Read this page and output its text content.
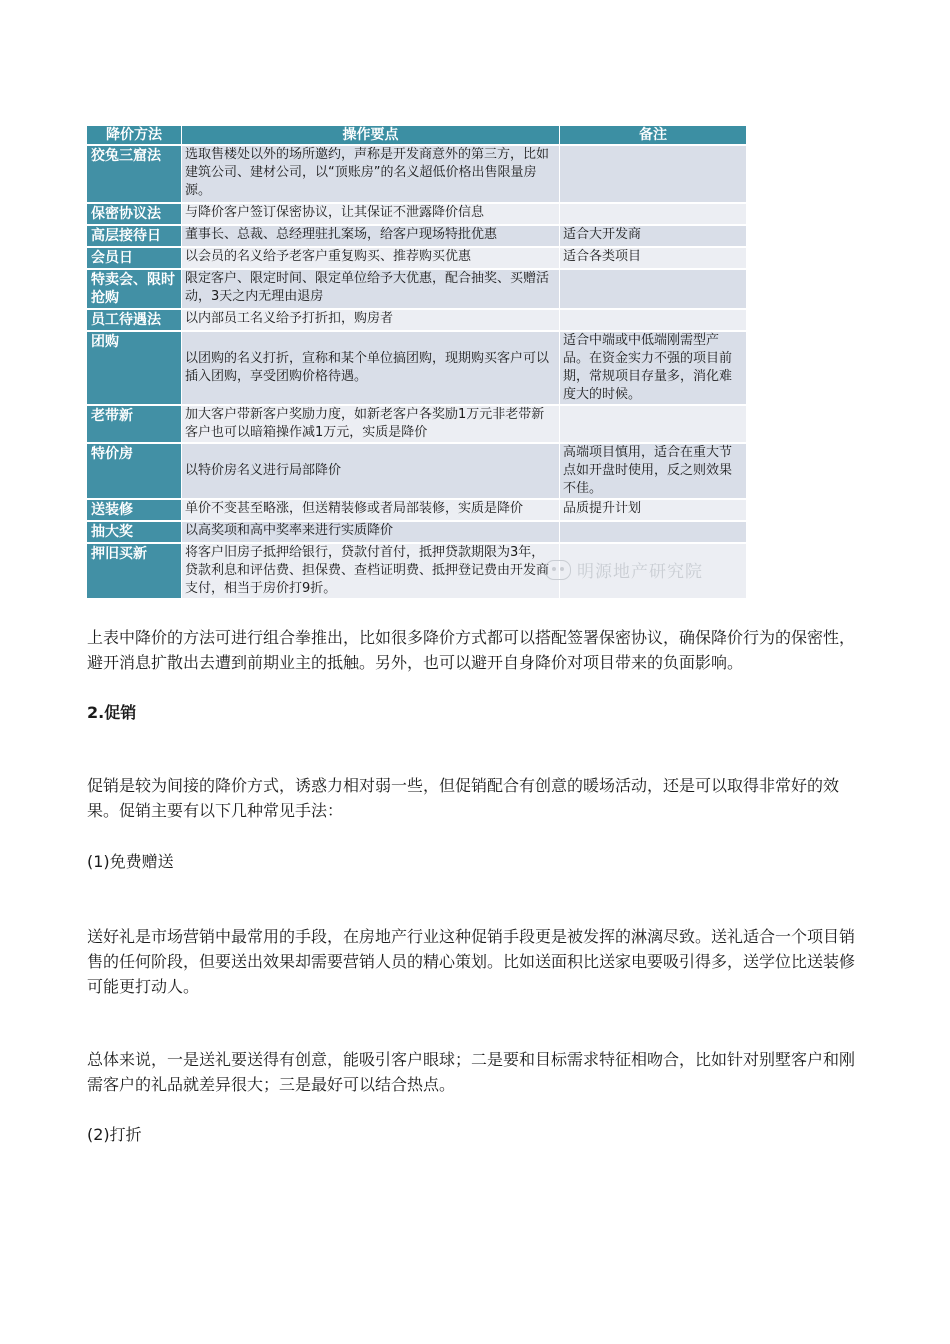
降价方法	操作要点	备注
狡兔三窟法	选取售楼处以外的场所邀约，声称是开发商意外的第三方，比如建筑公司、建材公司，以“顶账房”的名义超低价格出售限量房源。	
保密协议法	与降价客户签订保密协议，让其保证不泄露降价信息	
高层接待日	董事长、总裁、总经理驻扎案场，给客户现场特批优惠	适合大开发商
会员日	以会员的名义给予老客户重复购买、推荐购买优惠	适合各类项目
特卖会、限时抢购	限定客户、限定时间、限定单位给予大优惠，配合抽奖、买赠活动，3天之内无理由退房	
员工待遇法	以内部员工名义给予打折扣，购房者	
团购	以团购的名义打折，宣称和某个单位搞团购，现期购买客户可以插入团购，享受团购价格待遇。	适合中端或中低端刚需型产品。在资金实力不强的项目前期，常规项目存量多，消化难度大的时候。
老带新	加大客户带新客户奖励力度，如新老客户各奖励1万元非老带新客户也可以暗箱操作减1万元，实质是降价	
特价房	以特价房名义进行局部降价	高端项目慎用，适合在重大节点如开盘时使用，反之则效果不佳。
送装修	单价不变甚至略涨，但送精装修或者局部装修，实质是降价	品质提升计划
抽大奖	以高奖项和高中奖率来进行实质降价	
押旧买新	将客户旧房子抵押给银行，贷款付首付，抵押贷款期限为3年，贷款利息和评估费、担保费、查档证明费、抵押登记费由开发商支付，相当于房价打9折。	
明源地产研究院

上表中降价的方法可进行组合拳推出，比如很多降价方式都可以搭配签署保密协议，确保降价行为的保密性，避开消息扩散出去遭到前期业主的抵触。另外，也可以避开自身降价对项目带来的负面影响。

2.促销

促销是较为间接的降价方式，诱惑力相对弱一些，但促销配合有创意的暖场活动，还是可以取得非常好的效果。促销主要有以下几种常见手法：

(1)免费赠送

送好礼是市场营销中最常用的手段，在房地产行业这种促销手段更是被发挥的淋漓尽致。送礼适合一个项目销售的任何阶段，但要送出效果却需要营销人员的精心策划。比如送面积比送家电要吸引得多，送学位比送装修可能更打动人。

总体来说，一是送礼要送得有创意，能吸引客户眼球；二是要和目标需求特征相吻合，比如针对别墅客户和刚需客户的礼品就差异很大；三是最好可以结合热点。

(2)打折
